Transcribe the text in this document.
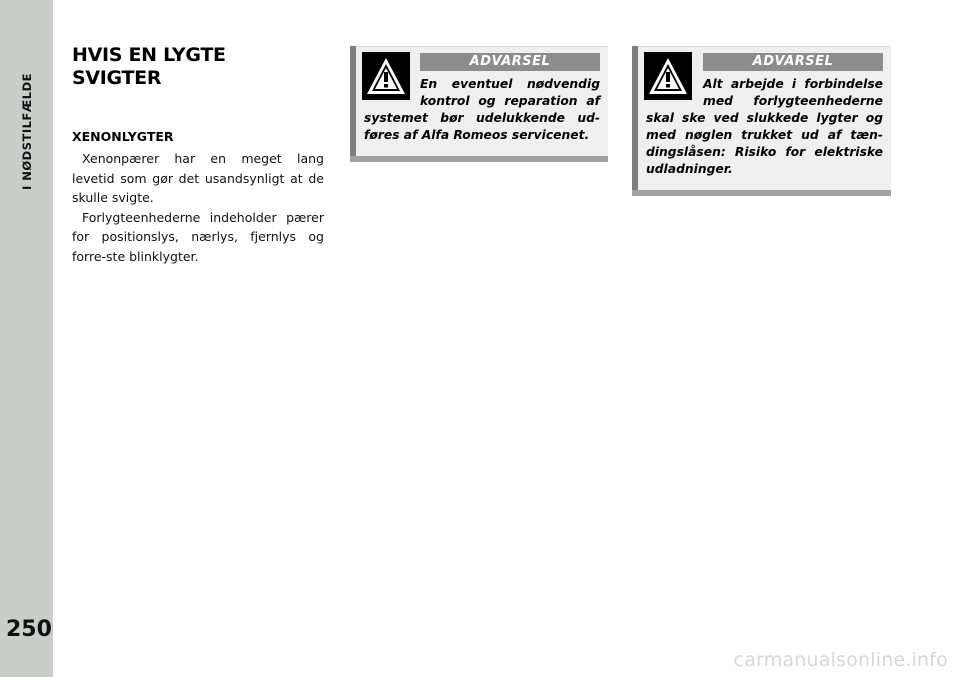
I NØDSTILFÆLDE
250
HVIS EN LYGTE
SVIGTER
XENONLYGTER

Xenonpærer har en meget lang levetid som gør det usandsynligt at de skulle svigte.

Forlygteenhederne indeholder pærer for positionslys, nærlys, fjernlys og forre-ste blinklygter.

ADVARSEL
En eventuel nødvendig
kontrol og reparation af
systemet bør udelukkende ud-
føres af Alfa Romeos servicenet.
ADVARSEL
Alt arbejde i forbindelse
med forlygteenhederne
skal ske ved slukkede lygter og
med nøglen trukket ud af tæn-
dingslåsen: Risiko for elektriske
udladninger.
carmanualsonline.info
